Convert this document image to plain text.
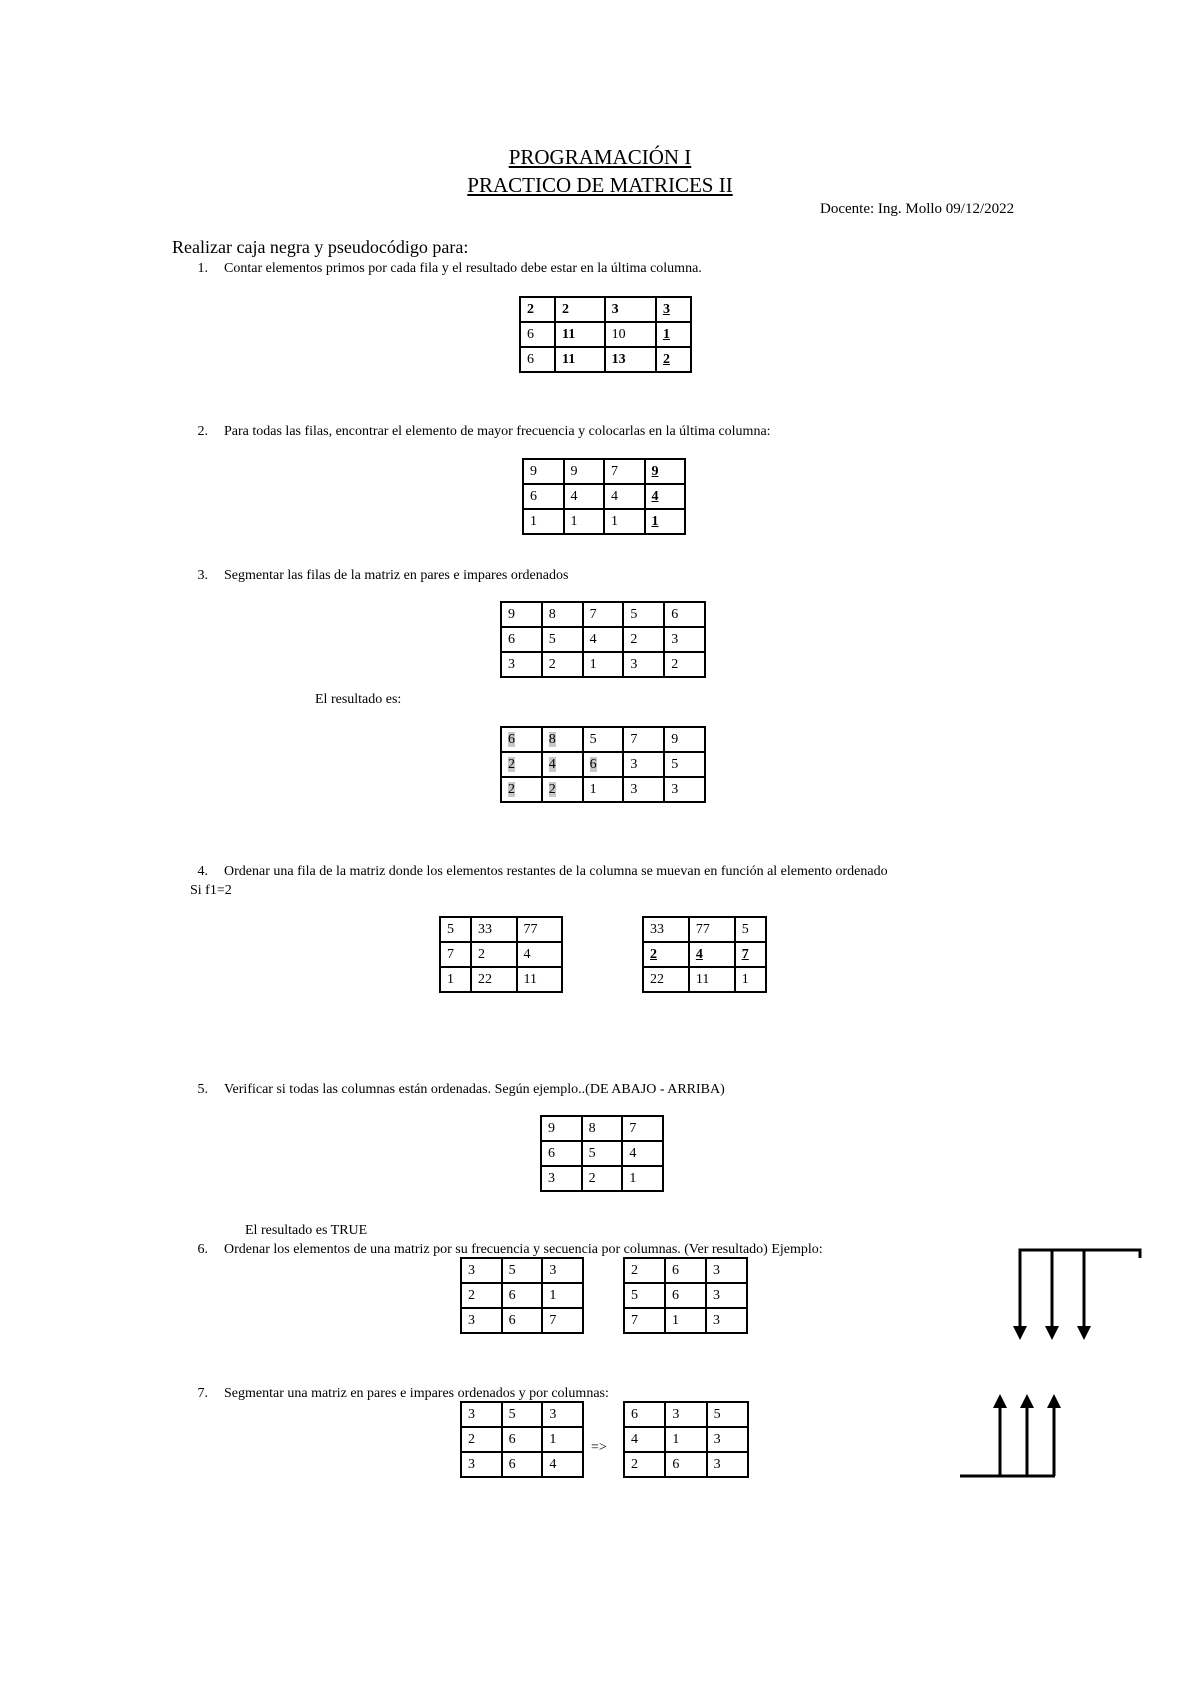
PROGRAMACIÓN I
PRACTICO DE MATRICES II
Docente: Ing. Mollo 09/12/2022
Realizar caja negra y pseudocódigo para:
1. Contar elementos primos por cada fila y el resultado debe estar en la última columna.
2	2	3	3
6	11	10	1
6	11	13	2
2. Para todas las filas, encontrar el elemento de mayor frecuencia y colocarlas en la última columna:
9	9	7	9
6	4	4	4
1	1	1	1
3. Segmentar las filas de la matriz en pares e impares ordenados
9	8	7	5	6
6	5	4	2	3
3	2	1	3	2
El resultado es:
6	8	5	7	9
2	4	6	3	5
2	2	1	3	3
4. Ordenar una fila de la matriz donde los elementos restantes de la columna se muevan en función al elemento ordenado
Si f1=2
5	33	77
7	2	4
1	22	11
33	77	5
2	4	7
22	11	1
5. Verificar si todas las columnas están ordenadas. Según ejemplo..(DE ABAJO - ARRIBA)
9	8	7
6	5	4
3	2	1
El resultado es TRUE
6. Ordenar los elementos de una matriz por su frecuencia y secuencia por columnas. (Ver resultado) Ejemplo:
3	5	3
2	6	1
3	6	7
2	6	3
5	6	3
7	1	3
7. Segmentar una matriz en pares e impares ordenados y por columnas:
3	5	3
2	6	1
3	6	4
=>
6	3	5
4	1	3
2	6	3
